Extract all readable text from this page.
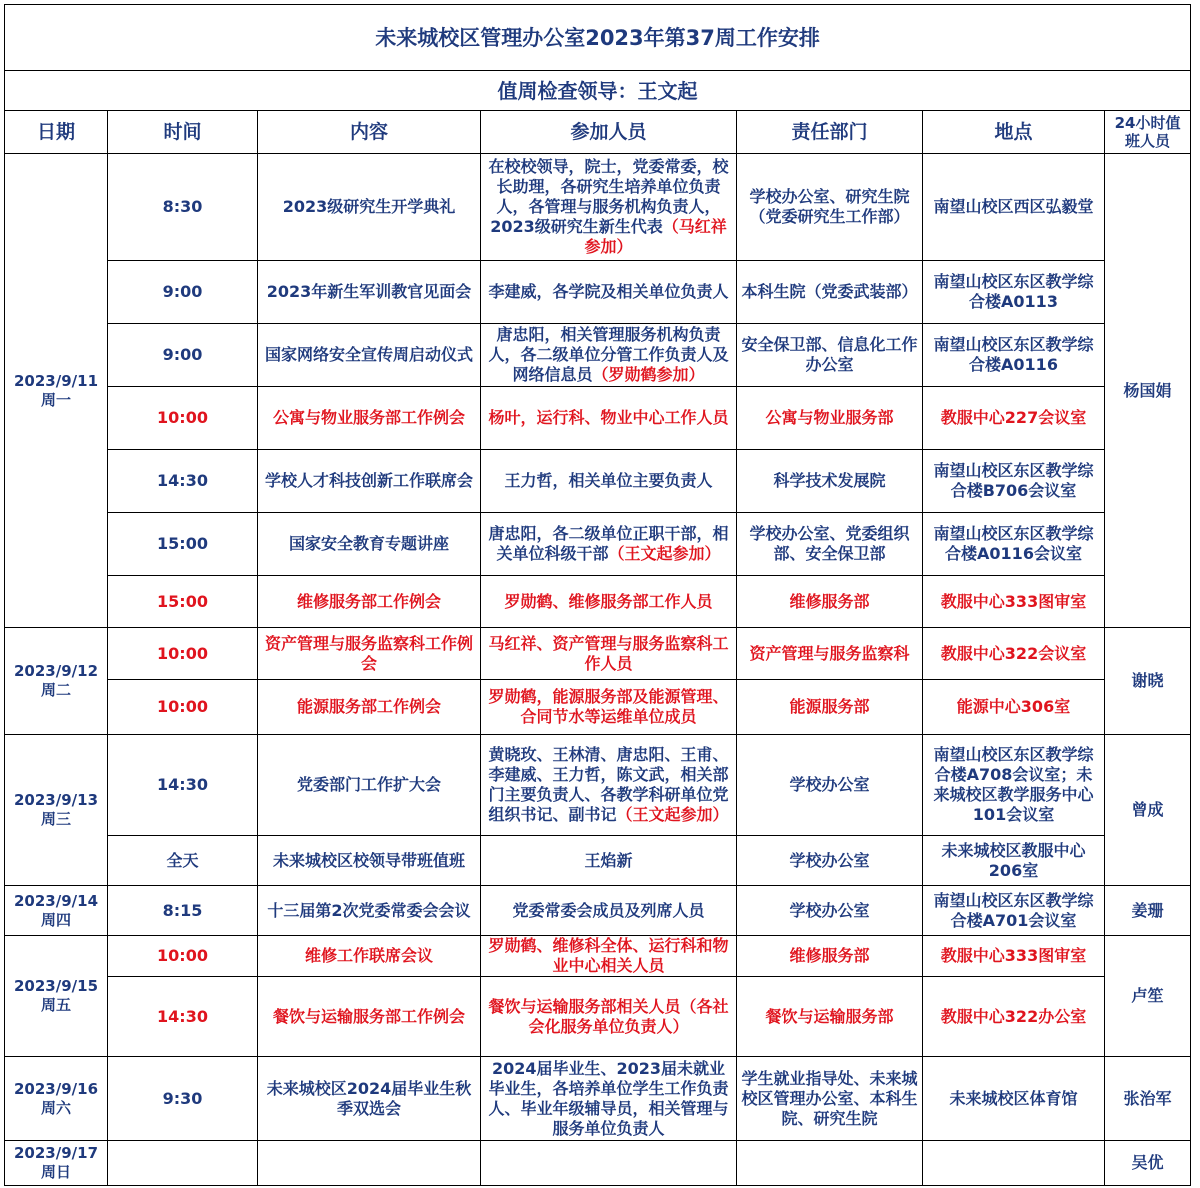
未来城校区管理办公室2023年第37周工作安排						
值周检查领导：王文起						
日期	时间	内容	参加人员	责任部门	地点	24小时值班人员

2023/9/11
周一	8:30	2023级研究生开学典礼	在校校领导，院士，党委常委，校长助理，各研究生培养单位负责人，各管理与服务机构负责人，2023级研究生新生代表（马红祥参加）	学校办公室、研究生院（党委研究生工作部）	南望山校区西区弘毅堂	杨国娟
	9:00	2023年新生军训教官见面会	李建威，各学院及相关单位负责人	本科生院（党委武装部）	南望山校区东区教学综合楼A0113	
	9:00	国家网络安全宣传周启动仪式	唐忠阳，相关管理服务机构负责人，各二级单位分管工作负责人及网络信息员（罗勋鹤参加）	安全保卫部、信息化工作办公室	南望山校区东区教学综合楼A0116	
	10:00	公寓与物业服务部工作例会	杨叶，运行科、物业中心工作人员	公寓与物业服务部	教服中心227会议室	
	14:30	学校人才科技创新工作联席会	王力哲，相关单位主要负责人	科学技术发展院	南望山校区东区教学综合楼B706会议室	
	15:00	国家安全教育专题讲座	唐忠阳，各二级单位正职干部，相关单位科级干部（王文起参加）	学校办公室、党委组织部、安全保卫部	南望山校区东区教学综合楼A0116会议室	
	15:00	维修服务部工作例会	罗勋鹤、维修服务部工作人员	维修服务部	教服中心333图审室	

2023/9/12
周二	10:00	资产管理与服务监察科工作例会	马红祥、资产管理与服务监察科工作人员	资产管理与服务监察科	教服中心322会议室	谢晓
	10:00	能源服务部工作例会	罗勋鹤，能源服务部及能源管理、合同节水等运维单位成员	能源服务部	能源中心306室	

2023/9/13
周三	14:30	党委部门工作扩大会	黄晓玫、王林清、唐忠阳、王甫、李建威、王力哲，陈文武，相关部门主要负责人、各教学科研单位党组织书记、副书记（王文起参加）	学校办公室	南望山校区东区教学综合楼A708会议室；未来城校区教学服务中心101会议室	曾成
	全天	未来城校区校领导带班值班	王焰新	学校办公室	未来城校区教服中心206室	

2023/9/14
周四	8:15	十三届第2次党委常委会会议	党委常委会成员及列席人员	学校办公室	南望山校区东区教学综合楼A701会议室	姜珊

2023/9/15
周五	10:00	维修工作联席会议	罗勋鹤、维修科全体、运行科和物业中心相关人员	维修服务部	教服中心333图审室	卢笙
	14:30	餐饮与运输服务部工作例会	餐饮与运输服务部相关人员（各社会化服务单位负责人）	餐饮与运输服务部	教服中心322办公室	

2023/9/16
周六	9:30	未来城校区2024届毕业生秋季双选会	2024届毕业生、2023届未就业毕业生，各培养单位学生工作负责人、毕业年级辅导员，相关管理与服务单位负责人	学生就业指导处、未来城校区管理办公室、本科生院、研究生院	未来城校区体育馆	张治军

2023/9/17
周日						吴优
